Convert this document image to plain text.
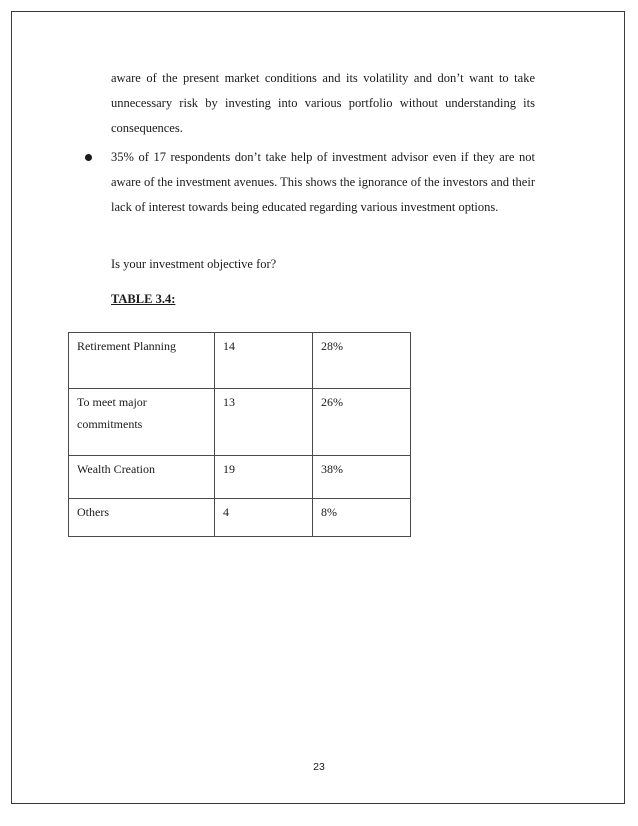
aware of the present market conditions and its volatility and don’t want to take unnecessary risk by investing into various portfolio without understanding its consequences.
35% of 17 respondents don’t take help of investment advisor even if they are not aware of the investment avenues. This shows the ignorance of the investors and their lack of interest towards being educated regarding various investment options.
Is your investment objective for?
TABLE 3.4:
Retirement Planning	14	28%
To meet major commitments	13	26%
Wealth Creation	19	38%
Others	4	8%
23
